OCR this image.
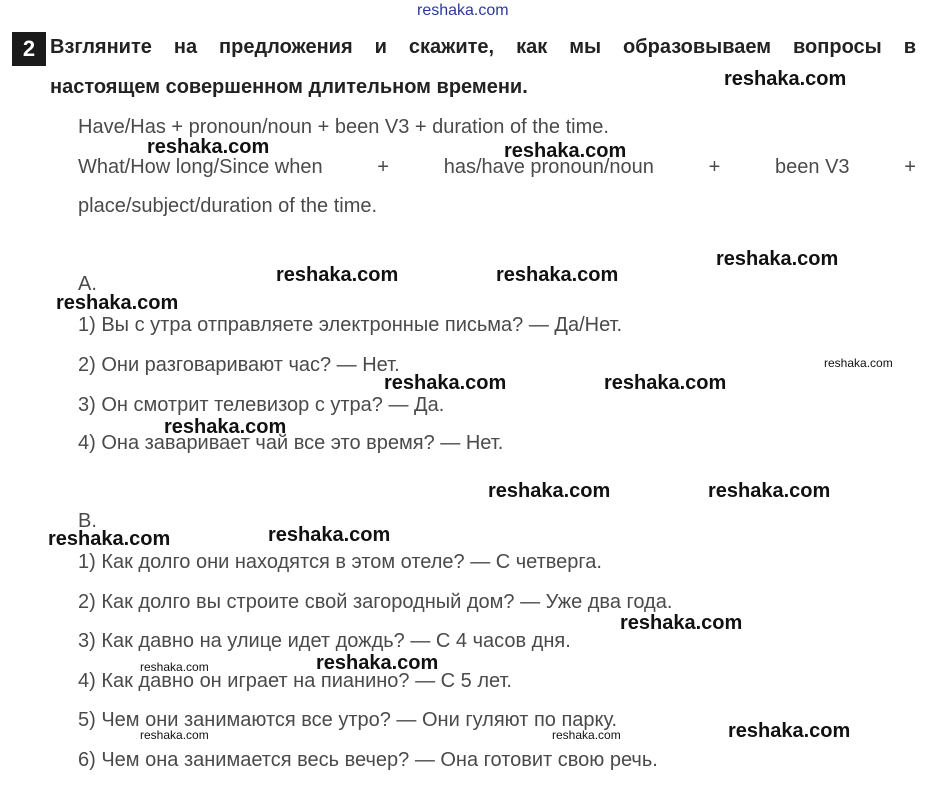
reshaka.com
2 Взгляните на предложения и скажите, как мы образовываем вопросы в
настоящем совершенном длительном времени.
Have/Has + pronoun/noun + been V3 + duration of the time.
What/How long/Since when	+	has/have pronoun/noun	+	been V3	+
place/subject/duration of the time.
A.
1) Вы с утра отправляете электронные письма? — Да/Нет.
2) Они разговаривают час? — Нет.
3) Он смотрит телевизор с утра? — Да.
4) Она заваривает чай все это время? — Нет.
B.
1) Как долго они находятся в этом отеле? — С четверга.
2) Как долго вы строите свой загородный дом? — Уже два года.
3) Как давно на улице идет дождь? — С 4 часов дня.
4) Как давно он играет на пианино? — С 5 лет.
5) Чем они занимаются все утро? — Они гуляют по парку.
6) Чем она занимается весь вечер? — Она готовит свою речь.
reshaka.com
reshaka.com	reshaka.com
reshaka.com
reshaka.com	reshaka.com
reshaka.com
reshaka.com
reshaka.com	reshaka.com
reshaka.com
reshaka.com	reshaka.com
reshaka.com
reshaka.com
reshaka.com
reshaka.com	reshaka.com
reshaka.com
reshaka.com	reshaka.com
